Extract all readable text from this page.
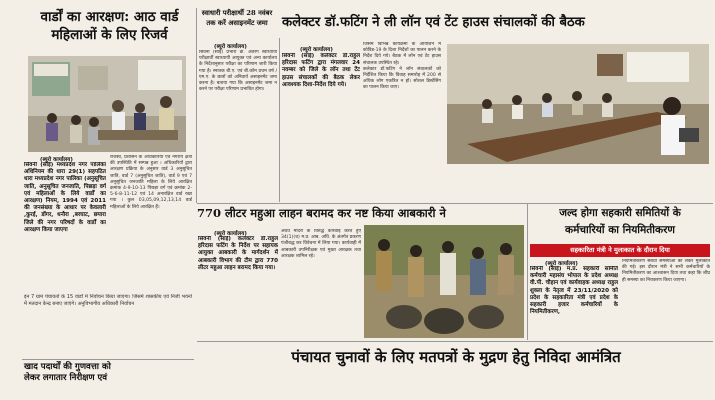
वार्डों का आरक्षण: आठ वार्ड
महिलाओं के लिए रिजर्व
(ब्यूरो कार्यालय)
सिवनी (साई) मध्यप्रदेश नगर पालिका अधिनियम की धारा 29(1) सहपठित धारा मध्यप्रदेश नगर पालिका (अनुसूचित जाति, अनुसूचित जनजाति, पिछड़ा वर्ग एवं महिलाओं के लिये वार्डों का आरक्षण) नियम, 1994 एवं 2011 की जनसंख्या के आधार पर केवलारी ,कुरई, डोंगर, धनौरा ,बरघाट, छपारा जिले की नगर परिषदों के वार्डों का आरक्षण किया जाएगा
राजस्व, प्रशासन के अधिकारियों एवं नगरीय क्षेत्रों की उपस्थिति में सम्पन्न हुआ । अधिकारियों द्वारा आरक्षण प्रक्रिया के अनुसार वार्ड 3 अनुसूचित जाति, वार्ड 7 (अनुसूचित जाति), वार्ड 9 एवं 7 अनुसूचित जनजाति महिला के लिये आरक्षित क्रमांक 4-9-10-13 पिछड़ा वर्ग एवं क्रमांक 2-5-6-8-11-12 एवं 14 अनारक्षित वार्ड रखा गया । कुल 03,05,09,12,13,14 वार्ड महिलाओं के लिये आरक्षित हैं।
इन 7 ग्राम पंचायतों के 15 वार्डों में निर्वाचन किया जाएगा। जिसमें शासकीय एवं निजी भवनों में मतदान केन्द्र बनाए जाएंगे। अनुविभागीय अधिकारी निर्वाचन
खाद पदार्थों की गुणवत्ता को
लेकर लगातार निरीक्षण एवं
स्वाधारी परीक्षार्थी 28 नवंबर
तक करें असाइनमेंट जमा
(ब्यूरो कार्यालय)
सिवनी (साई) प्रभारी डॉ. अंतरंग स्वाध्यायी परीक्षार्थी स्वाध्यायी आयुक्त एवं अन्य कार्यालय के निर्देशानुसार परीक्षा का परिणाम जारी किया गया है। स्नातक बी.ए. एवं बी.कॉम प्रथम वर्ष / एम.ए. के छात्रों को अनिवार्य असाइनमेंट जमा करना है। बताया गया कि असाइनमेंट जमा न करने पर परीक्षा परिणाम प्रभावित होगा।
कलेक्टर डॉ.फटिंग ने ली लॉन एवं टेंट हाउस संचालकों की बैठक
(ब्यूरो कार्यालय)
सिवनी (साई) कलेक्टर डॉ.राहुल हरिदास फटिंग द्वारा मंगलवार 24 नवम्बर को जिले के लॉन तथा टेंट हाउस संचालकों की बैठक लेकर आवश्यक दिशा-निर्देश दिये गये।
जिसमें विभिन्न कार्यक्रमों के आयोजन में कोविड-19 के दिशा निर्देशों का पालन करने के निर्देश दिये गये। बैठक में लॉन एवं टेंट हाउस संचालक उपस्थित रहे।
कलेक्टर डॉ.फटिंग ने लॉन संचालकों को निर्देशित किया कि विवाह समारोह में 200 से अधिक लोग एकत्रित न हों। सोशल डिस्टेंसिंग का पालन किया जाए।
770 लीटर महुआ लाहन बरामद कर नष्ट किया आबकारी ने
(ब्यूरो कार्यालय)
सिवनी (साई) कलेक्टर डॉ.राहुल हरिदास फटिंग के निर्देश पर सहायक आयुक्त आबकारी के मार्गदर्शन में आबकारी विभाग की टीम द्वारा 770 लीटर महुआ लाहन बरामद किया गया।
अवैध मदिरा के विरुद्ध कार्रवाई करते हुए 34(1)(च) म.प्र. आब. अधि. के अंतर्गत प्रकरण पंजीबद्ध कर विवेचना में लिया गया। कार्यवाही में आबकारी उपनिरीक्षक एवं मुख्य आरक्षक तथा आरक्षक शामिल रहे।
जल्द होगा सहकारी समितियों के
कर्मचारियों का नियमितीकरण
सहकारिता मंत्री ने मुलाकात के दौरान दिया
(ब्यूरो कार्यालय)
सिवनी (साई) म.प्र. सहकारी समिति कर्मचारी महासंघ भोपाल के प्रदेश अध्यक्ष वी.पी. चौहान एवं कार्यवाहक अध्यक्ष राहुल शुक्ला के नेतृत्व में 23/11/2020 को प्रदेश के सहकारिता मंत्री एवं प्रदेश के सहकारी हजार कर्मचारियों के नियमितीकरण,
नियमितीकरण संबंधी समस्याओं को लेकर मुलाकात की गई। इस दौरान मंत्री ने सभी कर्मचारियों के नियमितीकरण का आश्वासन दिया तथा कहा कि शीघ्र ही समस्या का निराकरण किया जाएगा।
पंचायत चुनावों के लिए मतपत्रों के मुद्रण हेतु निविदा आमंत्रित
